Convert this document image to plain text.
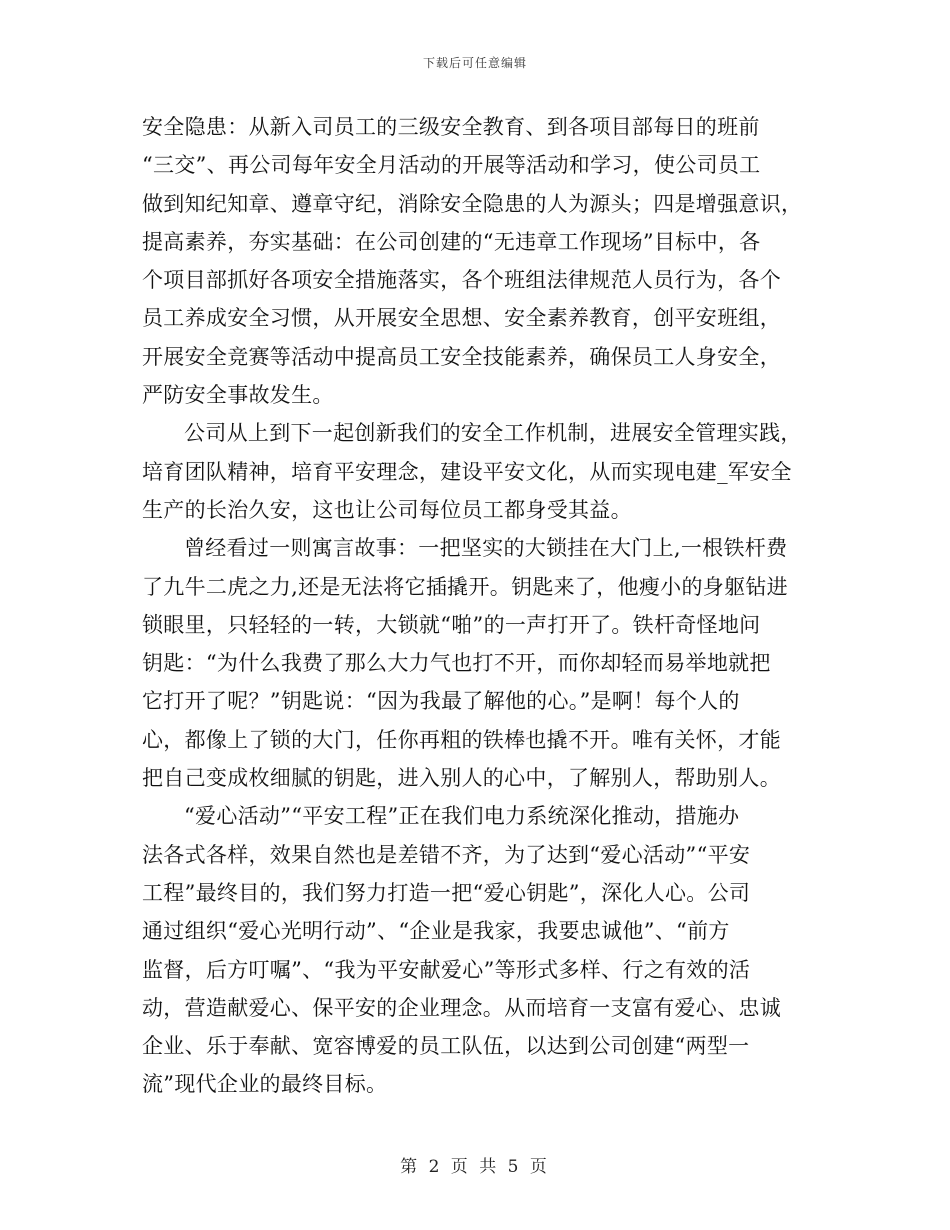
下载后可任意编辑
安全隐患：从新入司员工的三级安全教育、到各项目部每日的班前
“三交”、再公司每年安全月活动的开展等活动和学习，使公司员工
做到知纪知章、遵章守纪，消除安全隐患的人为源头；四是增强意识，
提高素养，夯实基础：在公司创建的“无违章工作现场”目标中，各
个项目部抓好各项安全措施落实，各个班组法律规范人员行为，各个
员工养成安全习惯，从开展安全思想、安全素养教育，创平安班组，
开展安全竞赛等活动中提高员工安全技能素养，确保员工人身安全，
严防安全事故发生。
公司从上到下一起创新我们的安全工作机制，进展安全管理实践，
培育团队精神，培育平安理念，建设平安文化，从而实现电建_军安全
生产的长治久安，这也让公司每位员工都身受其益。
曾经看过一则寓言故事：一把坚实的大锁挂在大门上,一根铁杆费
了九牛二虎之力,还是无法将它插撬开。钥匙来了，他瘦小的身躯钻进
锁眼里，只轻轻的一转，大锁就“啪”的一声打开了。铁杆奇怪地问
钥匙：“为什么我费了那么大力气也打不开，而你却轻而易举地就把
它打开了呢？”钥匙说：“因为我最了解他的心。”是啊！每个人的
心，都像上了锁的大门，任你再粗的铁棒也撬不开。唯有关怀，才能
把自己变成枚细腻的钥匙，进入别人的心中，了解别人，帮助别人。
“爱心活动”“平安工程”正在我们电力系统深化推动，措施办
法各式各样，效果自然也是差错不齐，为了达到“爱心活动”“平安
工程”最终目的，我们努力打造一把“爱心钥匙”，深化人心。公司
通过组织“爱心光明行动”、“企业是我家，我要忠诚他”、“前方
监督，后方叮嘱”、“我为平安献爱心”等形式多样、行之有效的活
动，营造献爱心、保平安的企业理念。从而培育一支富有爱心、忠诚
企业、乐于奉献、宽容博爱的员工队伍，以达到公司创建“两型一
流”现代企业的最终目标。
第 2 页 共 5 页
